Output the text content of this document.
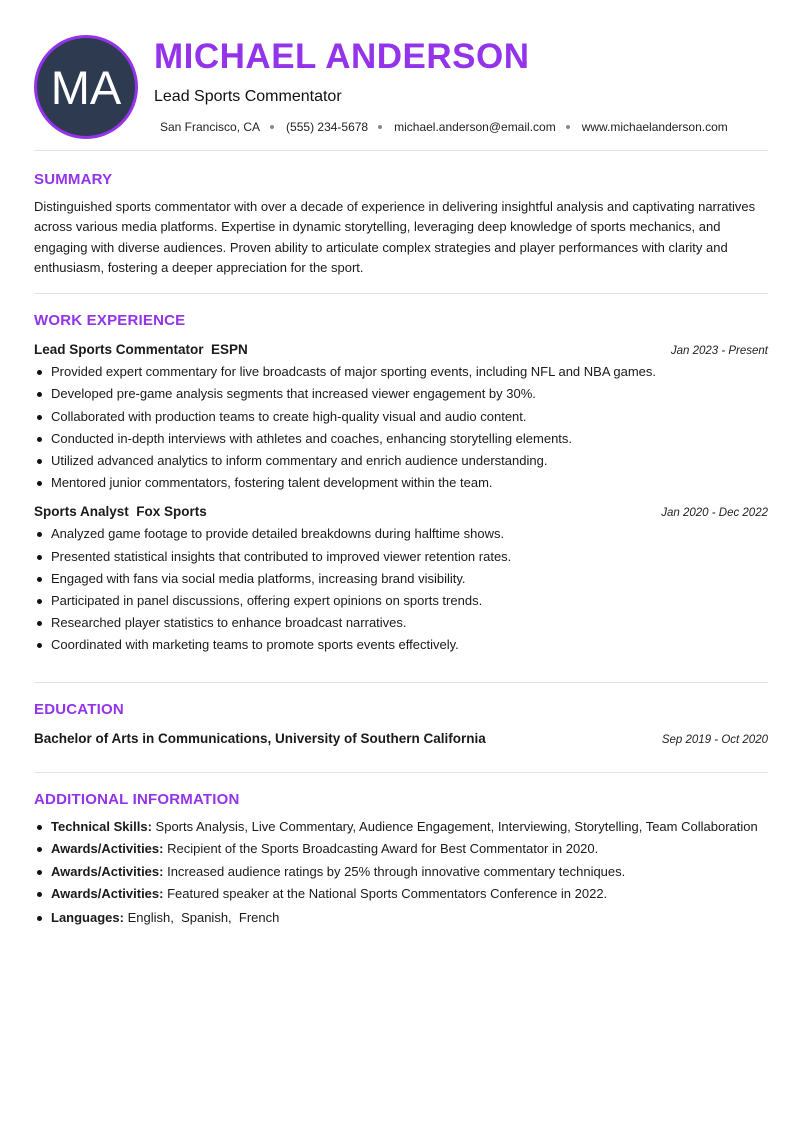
MA
MICHAEL ANDERSON
Lead Sports Commentator
San Francisco, CA (555) 234-5678 michael.anderson@email.com www.michaelanderson.com
SUMMARY

Distinguished sports commentator with over a decade of experience in delivering insightful analysis and captivating narratives across various media platforms. Expertise in dynamic storytelling, leveraging deep knowledge of sports mechanics, and engaging with diverse audiences. Proven ability to articulate complex strategies and player performances with clarity and enthusiasm, fostering a deeper appreciation for the sport.

WORK EXPERIENCE
Lead Sports Commentator  ESPN	Jan 2023 - Present
Provided expert commentary for live broadcasts of major sporting events, including NFL and NBA games.
Developed pre-game analysis segments that increased viewer engagement by 30%.
Collaborated with production teams to create high-quality visual and audio content.
Conducted in-depth interviews with athletes and coaches, enhancing storytelling elements.
Utilized advanced analytics to inform commentary and enrich audience understanding.
Mentored junior commentators, fostering talent development within the team.
Sports Analyst  Fox Sports	Jan 2020 - Dec 2022
Analyzed game footage to provide detailed breakdowns during halftime shows.
Presented statistical insights that contributed to improved viewer retention rates.
Engaged with fans via social media platforms, increasing brand visibility.
Participated in panel discussions, offering expert opinions on sports trends.
Researched player statistics to enhance broadcast narratives.
Coordinated with marketing teams to promote sports events effectively.
EDUCATION
Bachelor of Arts in Communications, University of Southern California	Sep 2019 - Oct 2020
ADDITIONAL INFORMATION
Technical Skills: Sports Analysis, Live Commentary, Audience Engagement, Interviewing, Storytelling, Team Collaboration
Awards/Activities: Recipient of the Sports Broadcasting Award for Best Commentator in 2020.
Awards/Activities: Increased audience ratings by 25% through innovative commentary techniques.
Awards/Activities: Featured speaker at the National Sports Commentators Conference in 2022.
Languages: English,  Spanish,  French
